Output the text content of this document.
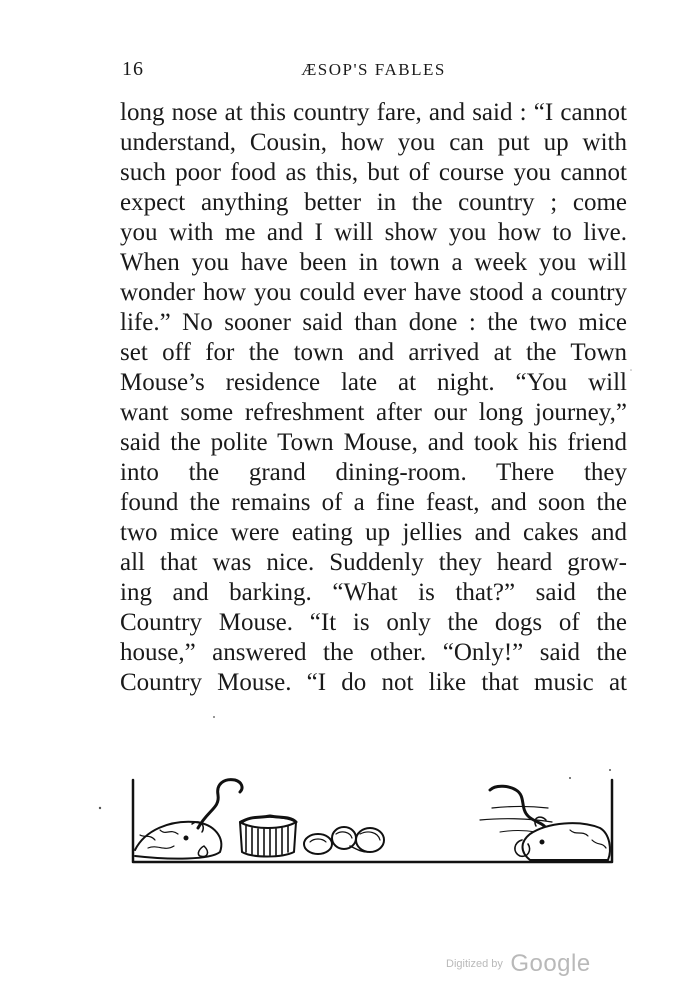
16	ÆSOP'S FABLES
long nose at this country fare, and said : “I cannot
understand, Cousin, how you can put up with
such poor food as this, but of course you cannot
expect anything better in the country ; come
you with me and I will show you how to live.
When you have been in town a week you will
wonder how you could ever have stood a country
life.” No sooner said than done : the two mice
set off for the town and arrived at the Town
Mouse’s residence late at night. “You will
want some refreshment after our long journey,”
said the polite Town Mouse, and took his friend
into the grand dining-room. There they
found the remains of a fine feast, and soon the
two mice were eating up jellies and cakes and
all that was nice. Suddenly they heard grow-
ing and barking. “What is that?” said the
Country Mouse. “It is only the dogs of the
house,” answered the other. “Only!” said the
Country Mouse. “I do not like that music at
Digitized by Google
